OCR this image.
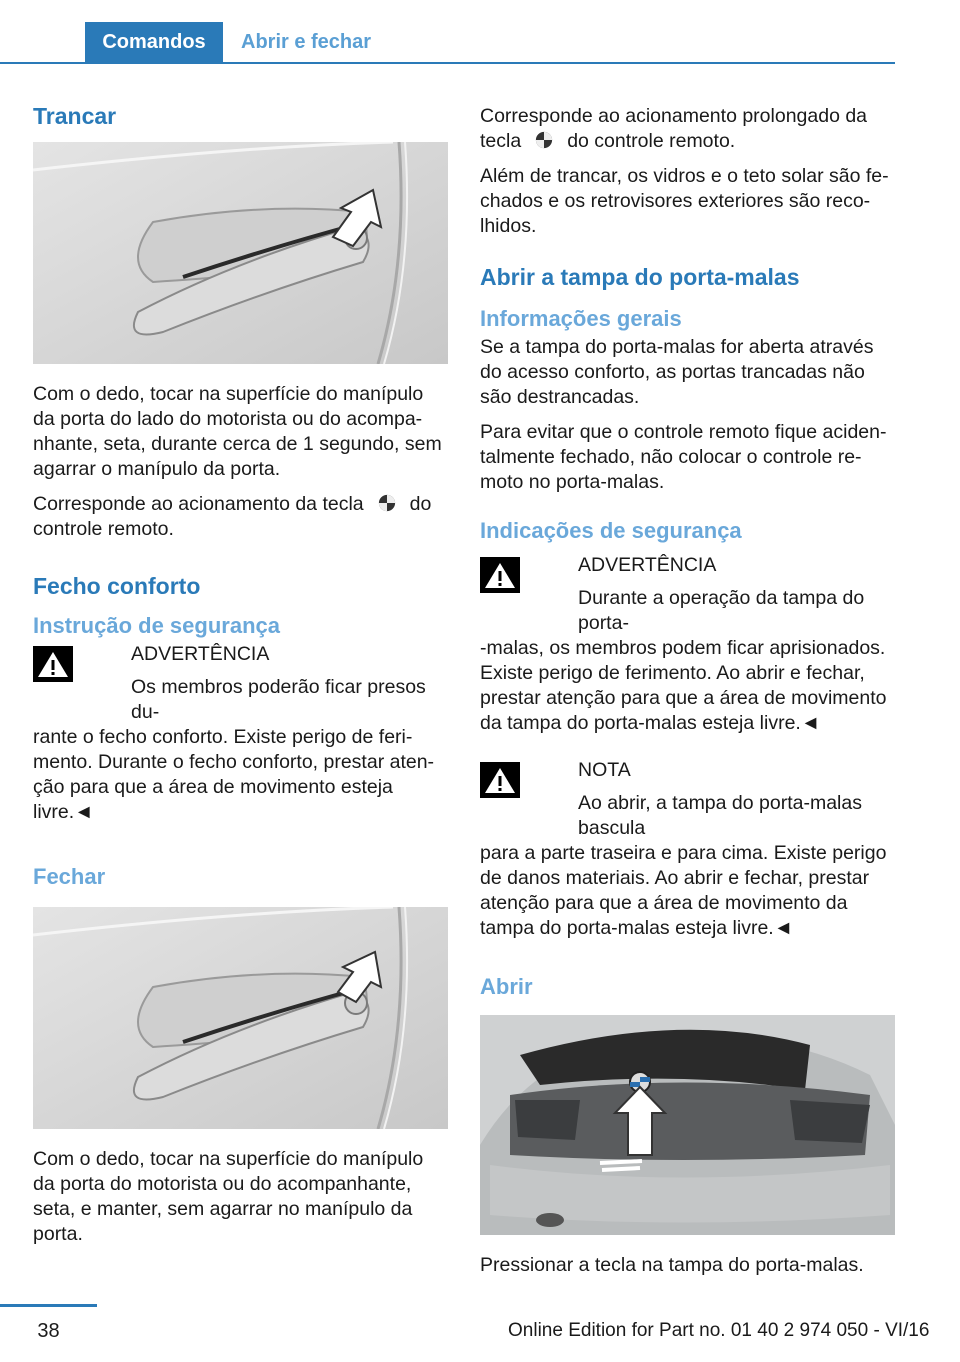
Comandos	Abrir e fechar
Trancar

Com o dedo, tocar na superfície do manípulo da porta do lado do motorista ou do acompa- nhante, seta, durante cerca de 1 segundo, sem agarrar o manípulo da porta.

Corresponde ao acionamento da tecla do controle remoto.

Fecho conforto
Instrução de segurança
ADVERTÊNCIA
Os membros poderão ficar presos du-
rante o fecho conforto. Existe perigo de feri- mento. Durante o fecho conforto, prestar aten- ção para que a área de movimento esteja livre.◄
Fechar

Com o dedo, tocar na superfície do manípulo da porta do motorista ou do acompanhante, seta, e manter, sem agarrar no manípulo da porta.

Corresponde ao acionamento prolongado da tecla do controle remoto.

Além de trancar, os vidros e o teto solar são fe- chados e os retrovisores exteriores são reco- lhidos.

Abrir a tampa do porta-malas
Informações gerais

Se a tampa do porta-malas for aberta através do acesso conforto, as portas trancadas não são destrancadas.

Para evitar que o controle remoto fique aciden- talmente fechado, não colocar o controle re- moto no porta-malas.

Indicações de segurança
ADVERTÊNCIA
Durante a operação da tampa do porta-
-malas, os membros podem ficar aprisionados. Existe perigo de ferimento. Ao abrir e fechar, prestar atenção para que a área de movimento da tampa do porta-malas esteja livre.◄
NOTA
Ao abrir, a tampa do porta-malas bascula
para a parte traseira e para cima. Existe perigo de danos materiais. Ao abrir e fechar, prestar atenção para que a área de movimento da tampa do porta-malas esteja livre.◄
Abrir

Pressionar a tecla na tampa do porta-malas.

38	Online Edition for Part no. 01 40 2 974 050 - VI/16
